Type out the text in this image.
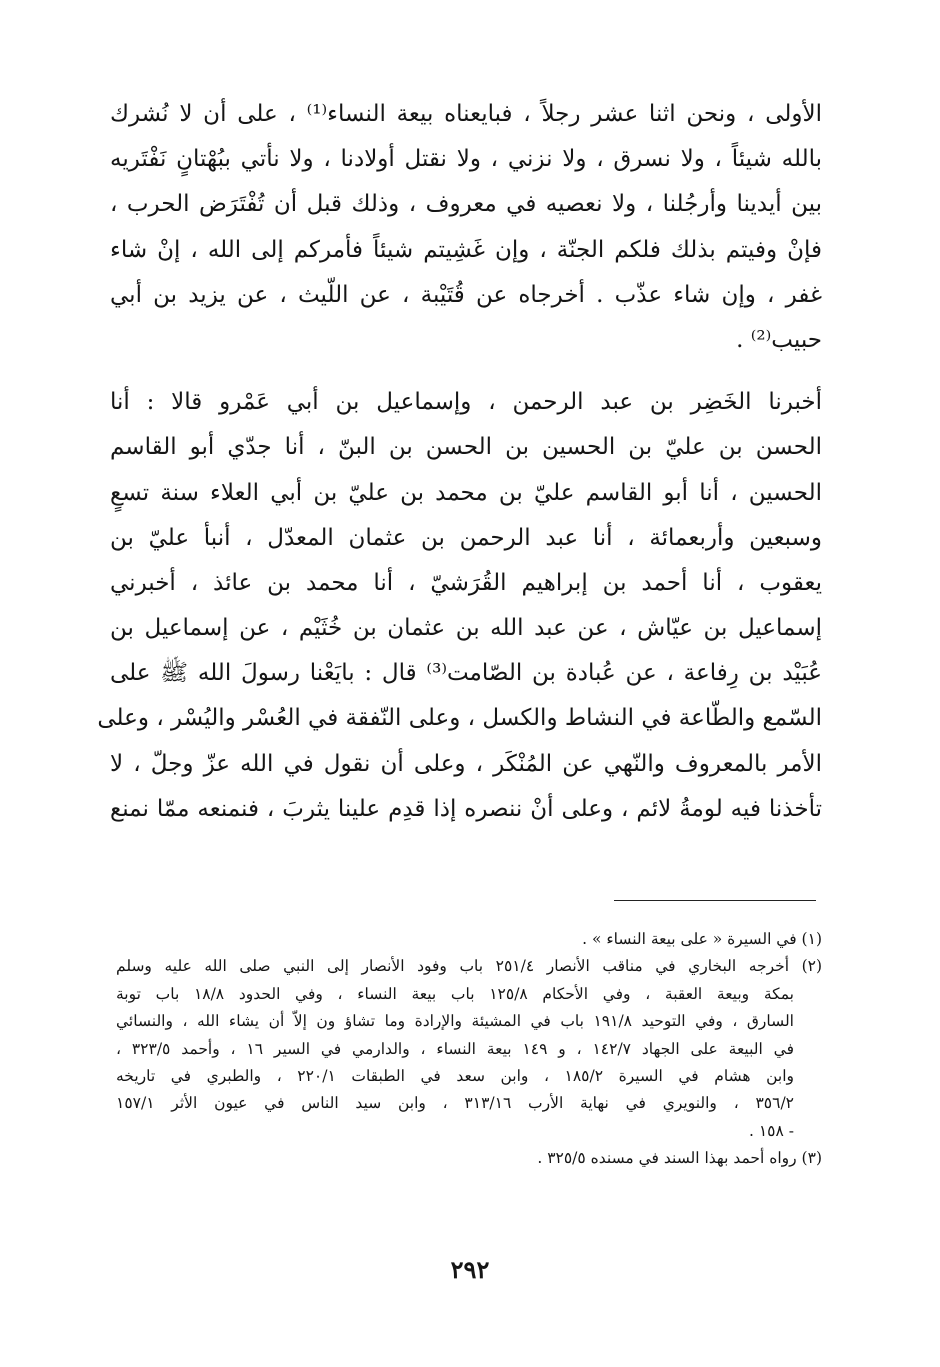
الأولى ، ونحن اثنا عشر رجلاً ، فبايعناه بيعة النساء⁽¹⁾ ، على أن لا نُشرك
بالله شيئاً ، ولا نسرق ، ولا نزني ، ولا نقتل أولادنا ، ولا نأتي ببُهْتانٍ نَفْتَريه
بين أيدينا وأرجُلنا ، ولا نعصيه في معروف ، وذلك قبل أن تُفْتَرَض الحرب ،
فإنْ وفيتم بذلك فلكم الجنّة ، وإن غَشِيتم شيئاً فأمركم إلى الله ، إنْ شاء
غفر ، وإن شاء عذّب . أخرجاه عن قُتَيْبة ، عن اللّيث ، عن يزيد بن أبي
حبيب⁽²⁾ .
أخبرنا الخَضِر بن عبد الرحمن ، وإسماعيل بن أبي عَمْرو قالا : أنا
الحسن بن عليّ بن الحسين بن الحسن بن البنّ ، أنا جدّي أبو القاسم
الحسين ، أنا أبو القاسم عليّ بن محمد بن عليّ بن أبي العلاء سنة تسعٍ
وسبعين وأربعمائة ، أنا عبد الرحمن بن عثمان المعدّل ، أنبأ عليّ بن
يعقوب ، أنا أحمد بن إبراهيم القُرَشيّ ، أنا محمد بن عائذ ، أخبرني
إسماعيل بن عيّاش ، عن عبد الله بن عثمان بن خُثَيْم ، عن إسماعيل بن
عُبَيْد بن رِفاعة ، عن عُبادة بن الصّامت⁽³⁾ قال : بايَعْنا رسولَ الله ﷺ على
السّمع والطّاعة في النشاط والكسل ، وعلى النّفقة في العُسْر واليُسْر ، وعلى
الأمر بالمعروف والنّهي عن المُنْكَر ، وعلى أن نقول في الله عزّ وجلّ ، لا
تأخذنا فيه لومةُ لائم ، وعلى أنْ ننصره إذا قدِم علينا يثربَ ، فنمنعه ممّا نمنع
(١) في السيرة « على بيعة النساء » .
(٢) أخرجه البخاري في مناقب الأنصار ٢٥١/٤ باب وفود الأنصار إلى النبي صلى الله عليه وسلم
بمكة وبيعة العقبة ، وفي الأحكام ١٢٥/٨ باب بيعة النساء ، وفي الحدود ١٨/٨ باب توبة
السارق ، وفي التوحيد ١٩١/٨ باب في المشيئة والإرادة وما تشاؤ ون إلاّ أن يشاء الله ، والنسائي
في البيعة على الجهاد ١٤٢/٧ ، و ١٤٩ بيعة النساء ، والدارمي في السير ١٦ ، وأحمد ٣٢٣/٥ ،
وابن هشام في السيرة ١٨٥/٢ ، وابن سعد في الطبقات ٢٢٠/١ ، والطبري في تاريخه
٣٥٦/٢ ، والنويري في نهاية الأرب ٣١٣/١٦ ، وابن سيد الناس في عيون الأثر ١٥٧/١
- ١٥٨ .
(٣) رواه أحمد بهذا السند في مسنده ٣٢٥/٥ .
٢٩٢
